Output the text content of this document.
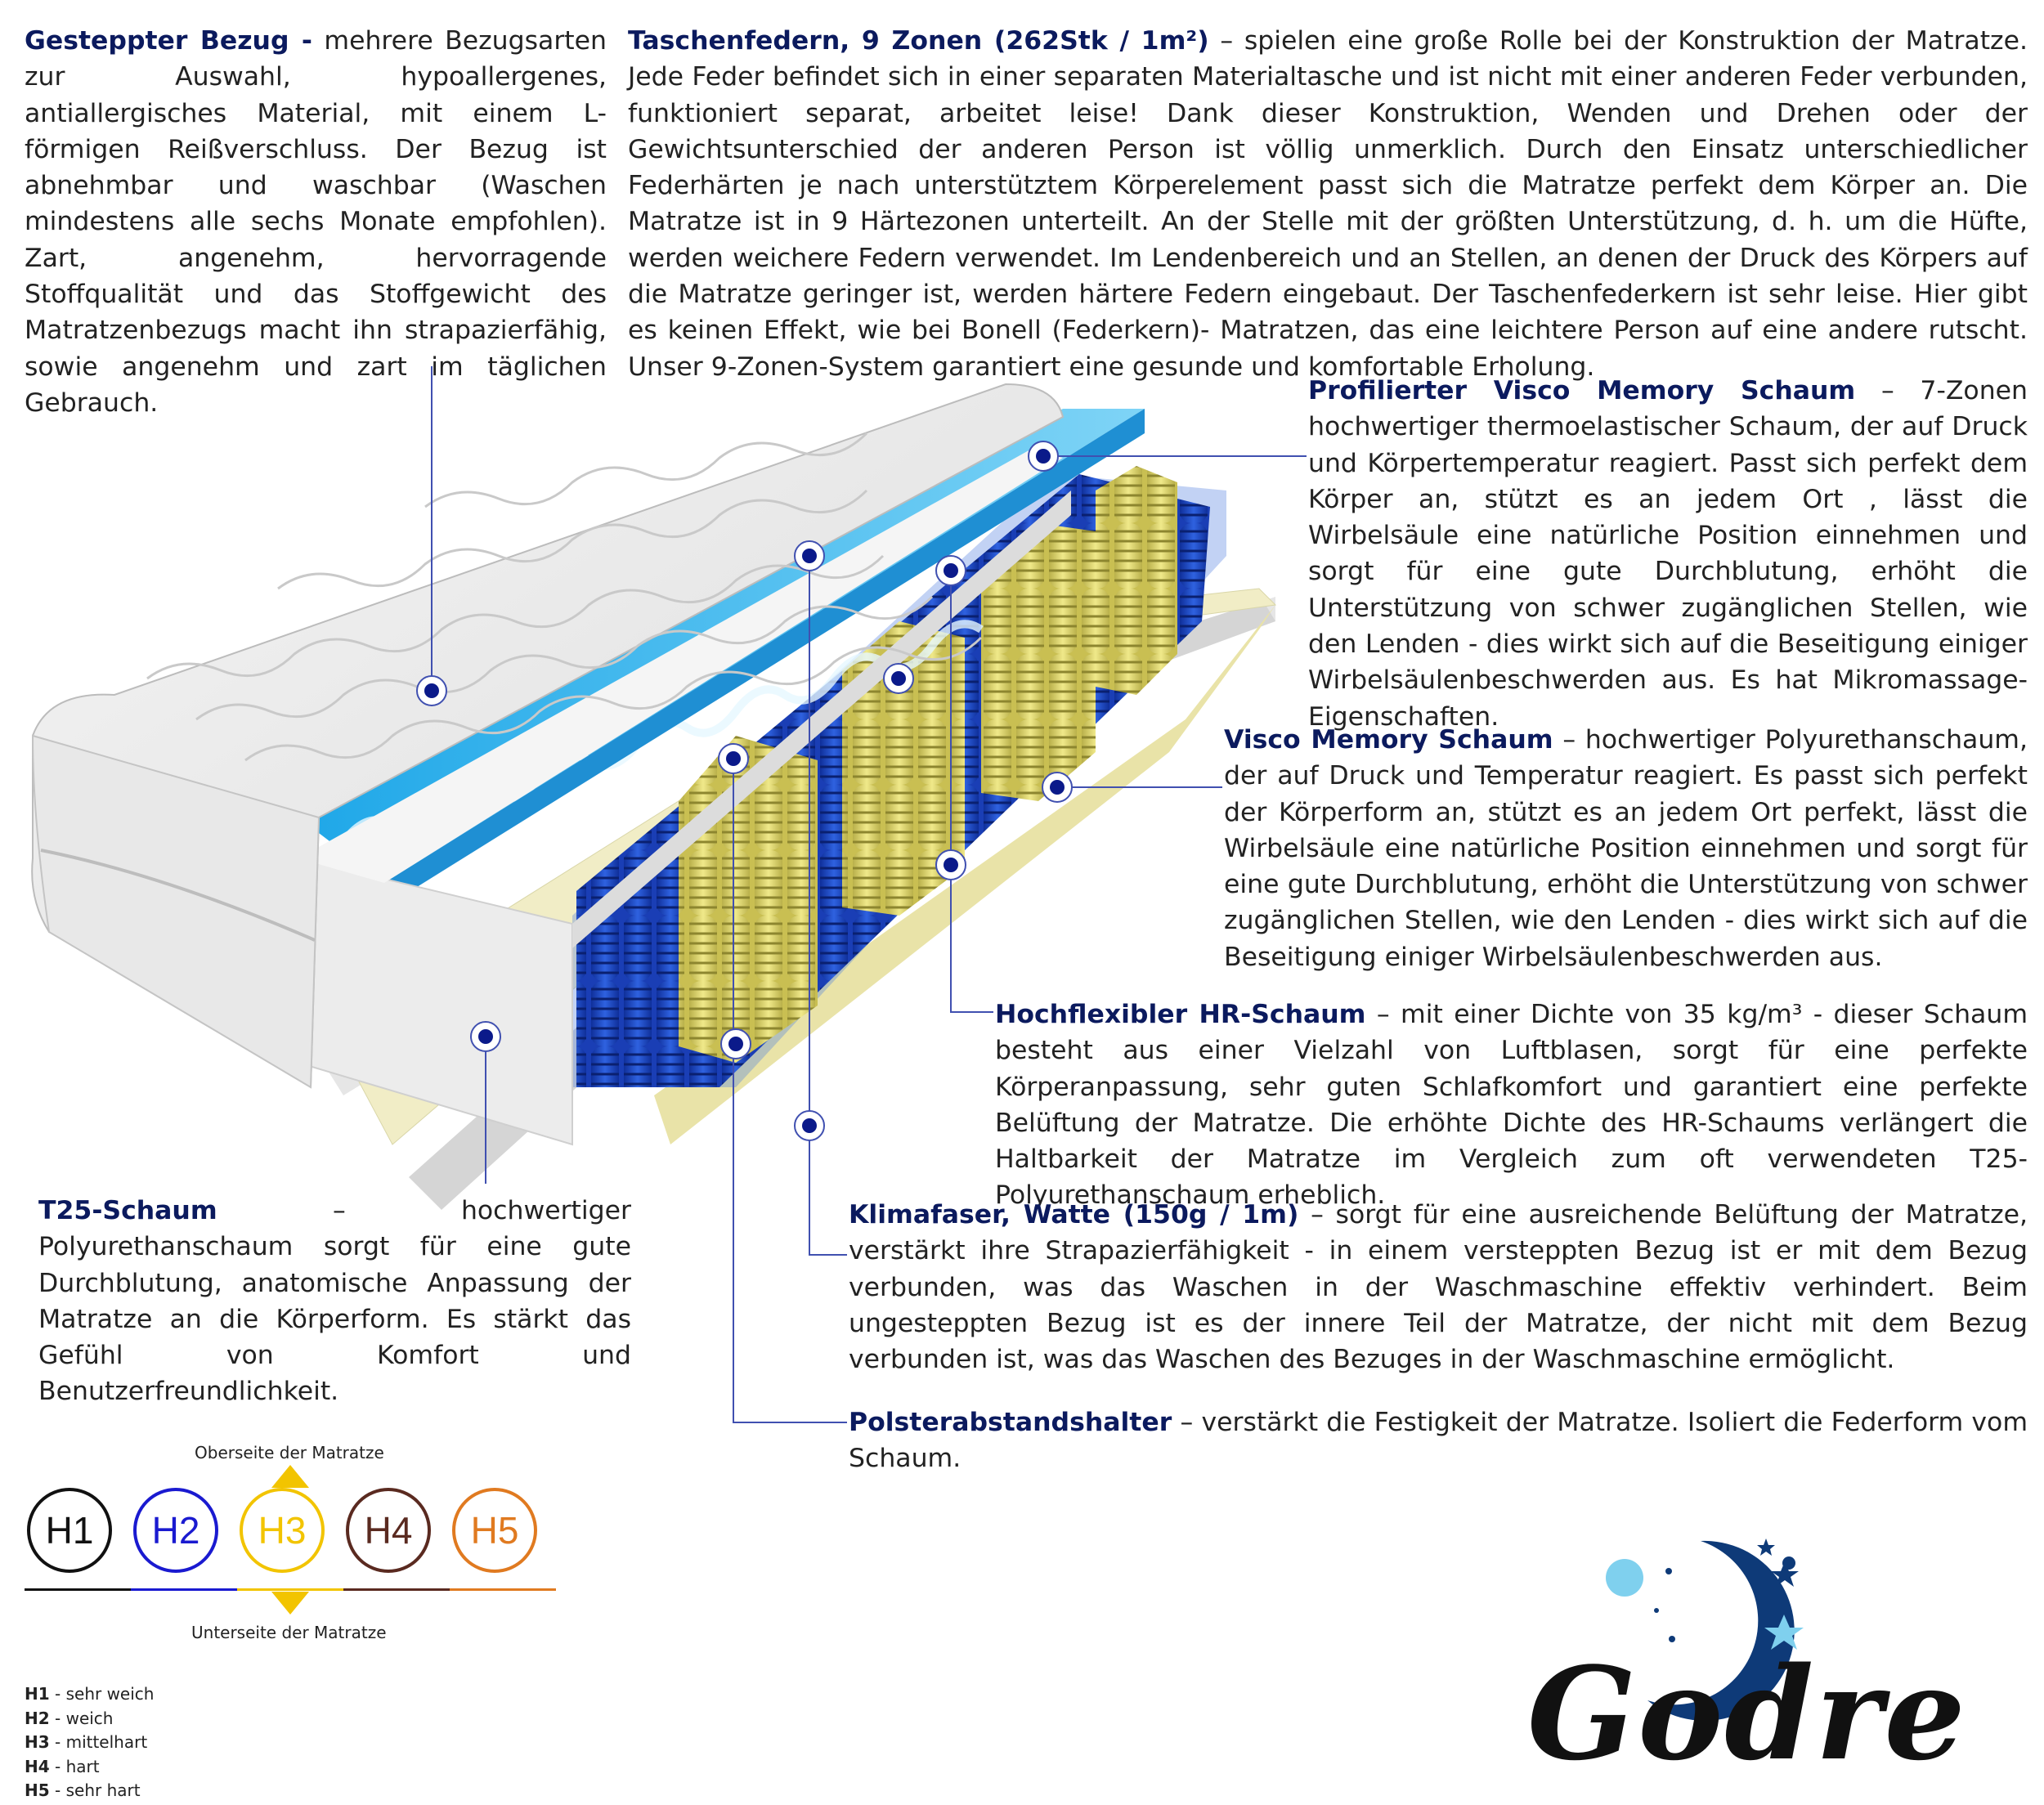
Gesteppter Bezug - mehrere Bezugsarten zur Auswahl, hypoallergenes, antiallergisches Material, mit einem L-förmigen Reißverschluss. Der Bezug ist abnehmbar und waschbar (Waschen mindestens alle sechs Monate empfohlen). Zart, angenehm, hervorragende Stoffqualität und das Stoffgewicht des Matratzenbezugs macht ihn strapazierfähig, sowie angenehm und zart im täglichen Gebrauch.
Taschenfedern, 9 Zonen (262Stk / 1m²) – spielen eine große Rolle bei der Konstruktion der Matratze. Jede Feder befindet sich in einer separaten Materialtasche und ist nicht mit einer anderen Feder verbunden, funktioniert separat, arbeitet leise! Dank dieser Konstruktion, Wenden und Drehen oder der Gewichtsunterschied der anderen Person ist völlig unmerklich. Durch den Einsatz unterschiedlicher Federhärten je nach unterstütztem Körperelement passt sich die Matratze perfekt dem Körper an. Die Matratze ist in 9 Härtezonen unterteilt. An der Stelle mit der größten Unterstützung, d. h. um die Hüfte, werden weichere Federn verwendet. Im Lendenbereich und an Stellen, an denen der Druck des Körpers auf die Matratze geringer ist, werden härtere Federn eingebaut. Der Taschenfederkern ist sehr leise. Hier gibt es keinen Effekt, wie bei Bonell (Federkern)- Matratzen, das eine leichtere Person auf eine andere rutscht. Unser 9-Zonen-System garantiert eine gesunde und komfortable Erholung.
Profilierter Visco Memory Schaum – 7-Zonen hochwertiger thermoelastischer Schaum, der auf Druck und Körpertemperatur reagiert. Passt sich perfekt dem Körper an, stützt es an jedem Ort , lässt die Wirbelsäule eine natürliche Position einnehmen und sorgt für eine gute Durchblutung, erhöht die Unterstützung von schwer zugänglichen Stellen, wie den Lenden - dies wirkt sich auf die Beseitigung einiger Wirbelsäulenbeschwerden aus. Es hat Mikromassage-Eigenschaften.
Visco Memory Schaum – hochwertiger Polyurethanschaum, der auf Druck und Temperatur reagiert. Es passt sich perfekt der Körperform an, stützt es an jedem Ort perfekt, lässt die Wirbelsäule eine natürliche Position einnehmen und sorgt für eine gute Durchblutung, erhöht die Unterstützung von schwer zugänglichen Stellen, wie den Lenden - dies wirkt sich auf die Beseitigung einiger Wirbelsäulenbeschwerden aus.
Hochflexibler HR-Schaum – mit einer Dichte von 35 kg/m³ - dieser Schaum besteht aus einer Vielzahl von Luftblasen, sorgt für eine perfekte Körperanpassung, sehr guten Schlafkomfort und garantiert eine perfekte Belüftung der Matratze. Die erhöhte Dichte des HR-Schaums verlängert die Haltbarkeit der Matratze im Vergleich zum oft verwendeten T25-Polyurethanschaum erheblich.
T25-Schaum – hochwertiger Polyurethanschaum sorgt für eine gute Durchblutung, anatomische Anpassung der Matratze an die Körperform. Es stärkt das Gefühl von Komfort und Benutzerfreundlichkeit.
Klimafaser, Watte (150g / 1m) – sorgt für eine ausreichende Belüftung der Matratze, verstärkt ihre Strapazierfähigkeit - in einem versteppten Bezug ist er mit dem Bezug verbunden, was das Waschen in der Waschmaschine effektiv verhindert. Beim ungesteppten Bezug ist es der innere Teil der Matratze, der nicht mit dem Bezug verbunden ist, was das Waschen des Bezuges in der Waschmaschine ermöglicht.
Polsterabstandshalter – verstärkt die Festigkeit der Matratze. Isoliert die Federform vom Schaum.
Oberseite der Matratze
Unterseite der Matratze
H1	H2	H3	H4	H5
H1 - sehr weich
H2 - weich
H3 - mittelhart
H4 - hart
H5 - sehr hart
Godre
